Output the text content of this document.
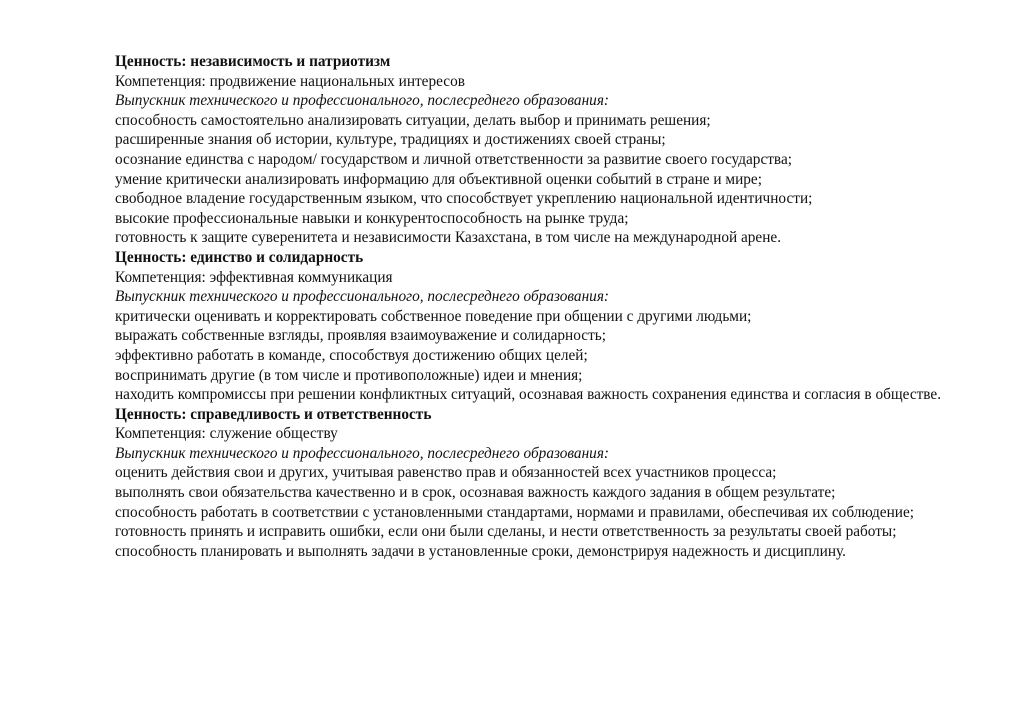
Ценность: независимость и патриотизм

Компетенция: продвижение национальных интересов

Выпускник технического и профессионального, послесреднего образования:

способность самостоятельно анализировать ситуации, делать выбор и принимать решения;

расширенные знания об истории, культуре, традициях и достижениях своей страны;

осознание единства с народом/ государством и личной ответственности за развитие своего государства;

умение критически анализировать информацию для объективной оценки событий в стране и мире;

свободное владение государственным языком, что способствует укреплению национальной идентичности;

высокие профессиональные навыки и конкурентоспособность на рынке труда;

готовность к защите суверенитета и независимости Казахстана, в том числе на международной арене.

Ценность: единство и солидарность

Компетенция: эффективная коммуникация

Выпускник технического и профессионального, послесреднего образования:

критически оценивать и корректировать собственное поведение при общении с другими людьми;

выражать собственные взгляды, проявляя взаимоуважение и солидарность;

эффективно работать в команде, способствуя достижению общих целей;

воспринимать другие (в том числе и противоположные) идеи и мнения;

находить компромиссы при решении конфликтных ситуаций, осознавая важность сохранения единства и согласия в обществе.

Ценность: справедливость и ответственность

Компетенция: служение обществу

Выпускник технического и профессионального, послесреднего образования:

оценить действия свои и других, учитывая равенство прав и обязанностей всех участников процесса;

выполнять свои обязательства качественно и в срок, осознавая важность каждого задания в общем результате;

способность работать в соответствии с установленными стандартами, нормами и правилами, обеспечивая их соблюдение;

готовность принять и исправить ошибки, если они были сделаны, и нести ответственность за результаты своей работы;

способность планировать и выполнять задачи в установленные сроки, демонстрируя надежность и дисциплину.
